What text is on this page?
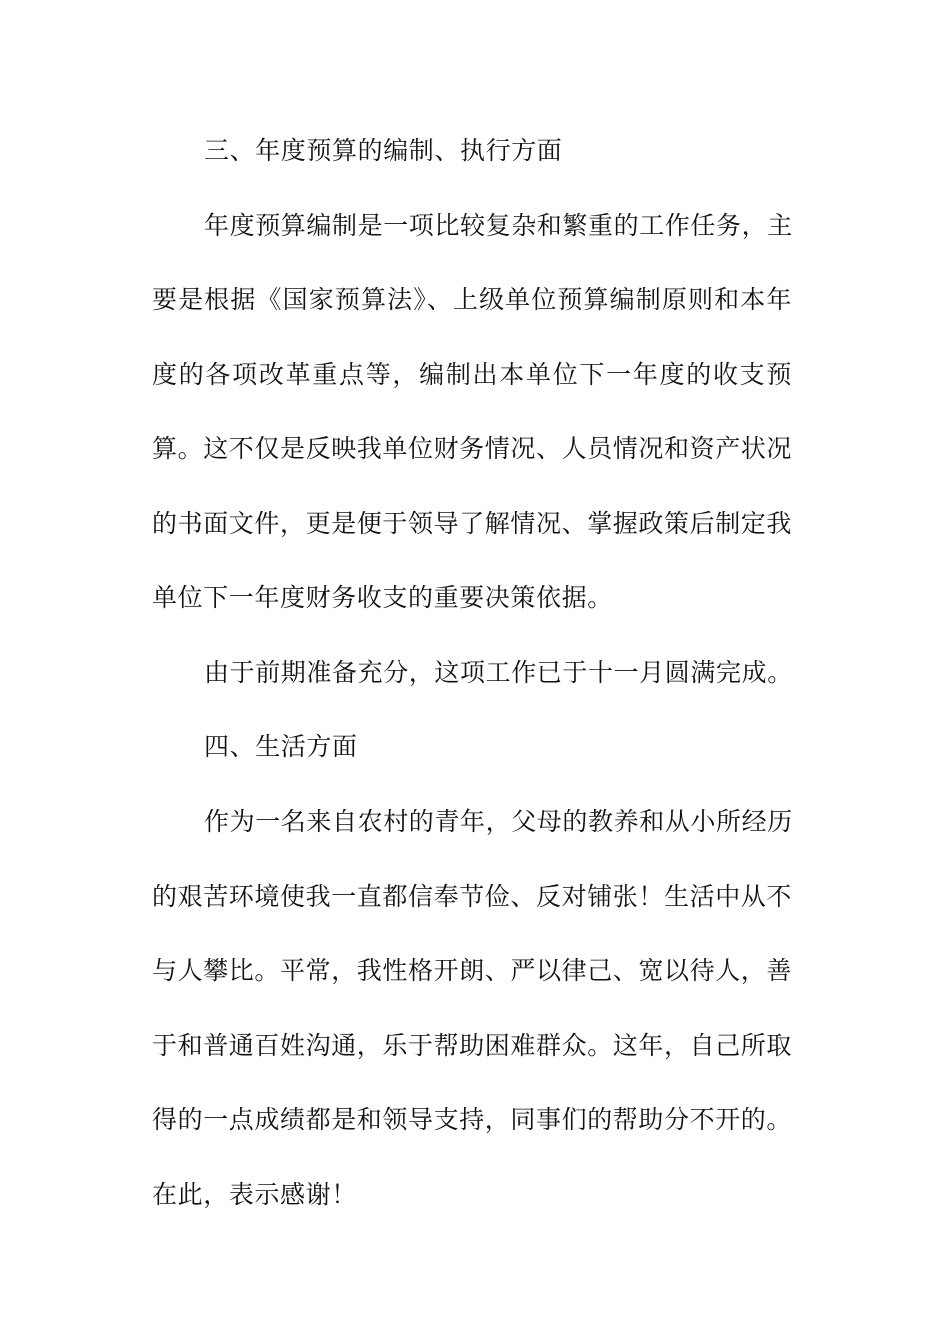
三、年度预算的编制、执行方面
年度预算编制是一项比较复杂和繁重的工作任务，主
要是根据《国家预算法》、上级单位预算编制原则和本年
度的各项改革重点等，编制出本单位下一年度的收支预
算。这不仅是反映我单位财务情况、人员情况和资产状况
的书面文件，更是便于领导了解情况、掌握政策后制定我
单位下一年度财务收支的重要决策依据。
由于前期准备充分，这项工作已于十一月圆满完成。
四、生活方面
作为一名来自农村的青年，父母的教养和从小所经历
的艰苦环境使我一直都信奉节俭、反对铺张！生活中从不
与人攀比。平常，我性格开朗、严以律己、宽以待人，善
于和普通百姓沟通，乐于帮助困难群众。这年，自己所取
得的一点成绩都是和领导支持，同事们的帮助分不开的。
在此，表示感谢！
